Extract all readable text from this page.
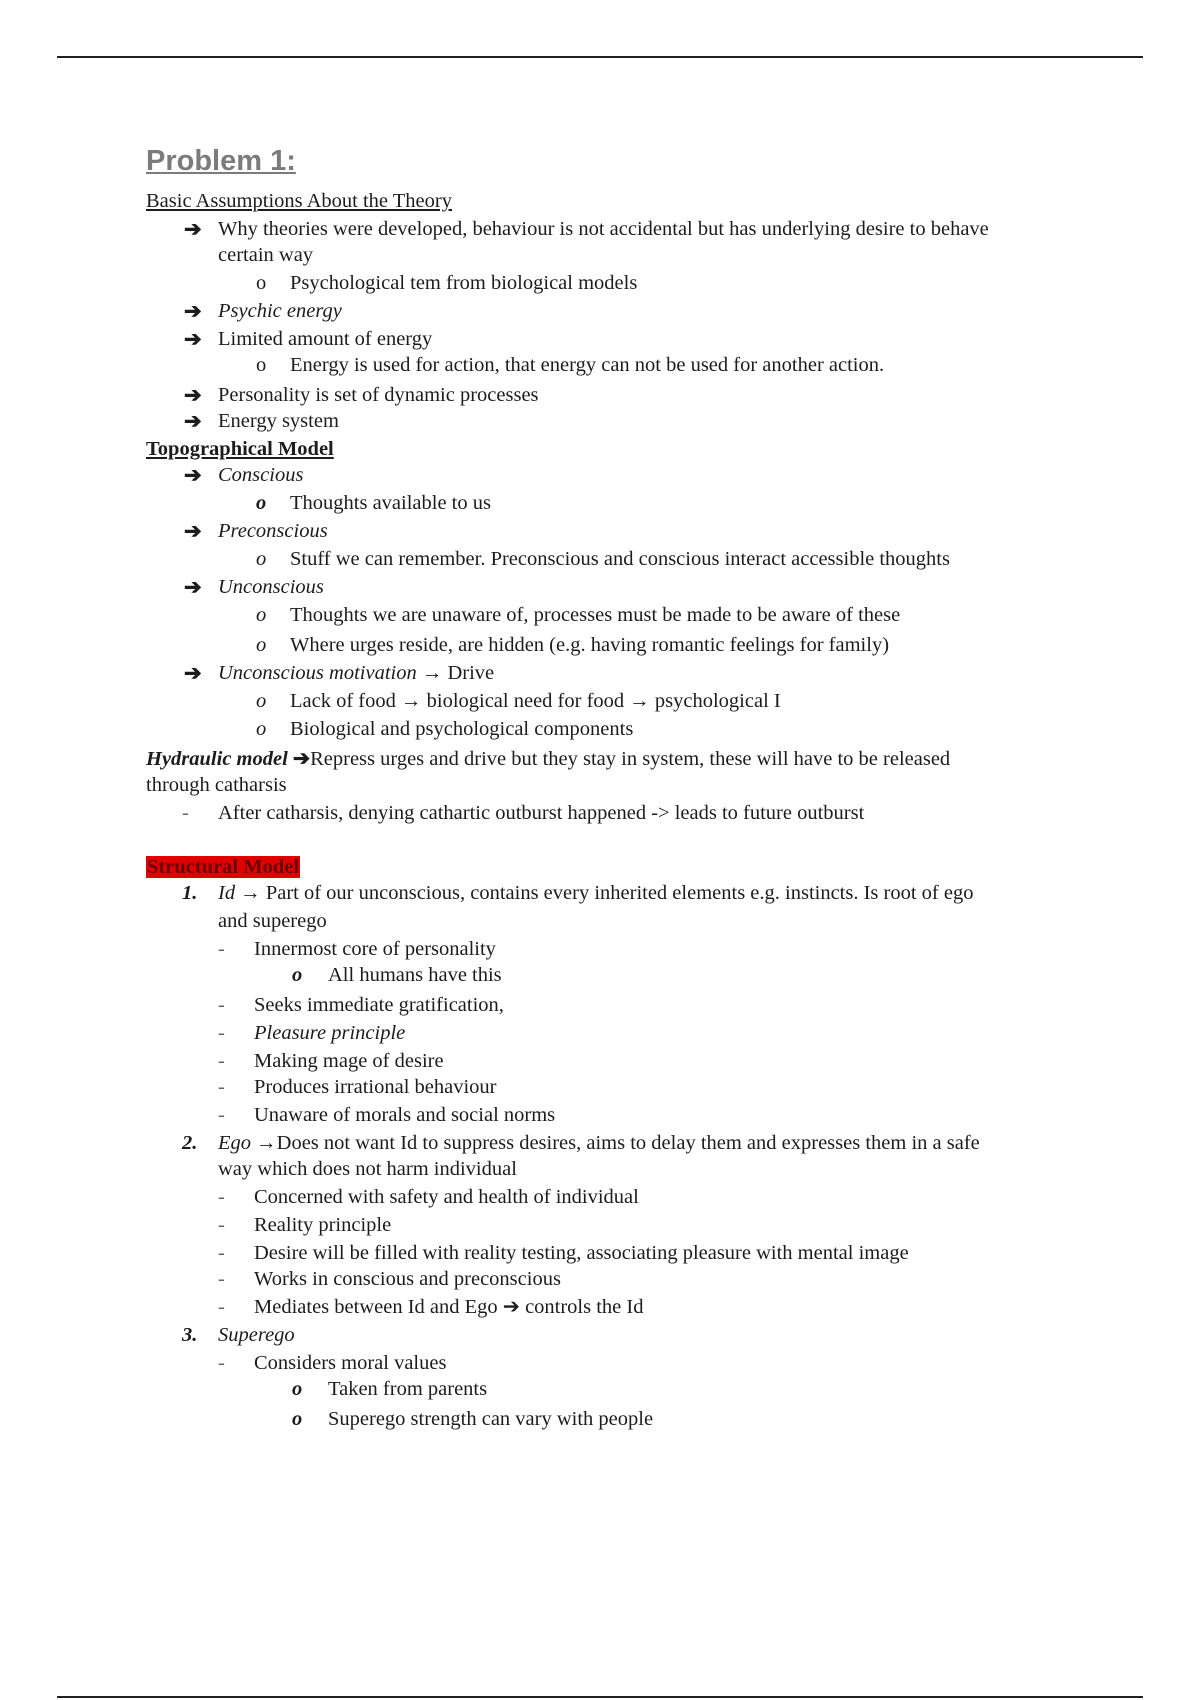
Problem 1:
Basic Assumptions About the Theory
➔ Why theories were developed, behaviour is not accidental but has underlying desire to behave
certain way
o Psychological tem from biological models
➔ Psychic energy
➔ Limited amount of energy
o Energy is used for action, that energy can not be used for another action.
➔ Personality is set of dynamic processes
➔ Energy system
Topographical Model
➔ Conscious
o Thoughts available to us
➔ Preconscious
o Stuff we can remember. Preconscious and conscious interact accessible thoughts
➔ Unconscious
o Thoughts we are unaware of, processes must be made to be aware of these
o Where urges reside, are hidden (e.g. having romantic feelings for family)
➔ Unconscious motivation → Drive
o Lack of food → biological need for food → psychological I
o Biological and psychological components
Hydraulic model ➔Repress urges and drive but they stay in system, these will have to be released
through catharsis
- After catharsis, denying cathartic outburst happened -> leads to future outburst
Structural Model
1. Id → Part of our unconscious, contains every inherited elements e.g. instincts. Is root of ego
and superego
- Innermost core of personality
o All humans have this
- Seeks immediate gratification,
- Pleasure principle
- Making mage of desire
- Produces irrational behaviour
- Unaware of morals and social norms
2. Ego →Does not want Id to suppress desires, aims to delay them and expresses them in a safe
way which does not harm individual
- Concerned with safety and health of individual
- Reality principle
- Desire will be filled with reality testing, associating pleasure with mental image
- Works in conscious and preconscious
- Mediates between Id and Ego ➔ controls the Id
3. Superego
- Considers moral values
o Taken from parents
o Superego strength can vary with people
